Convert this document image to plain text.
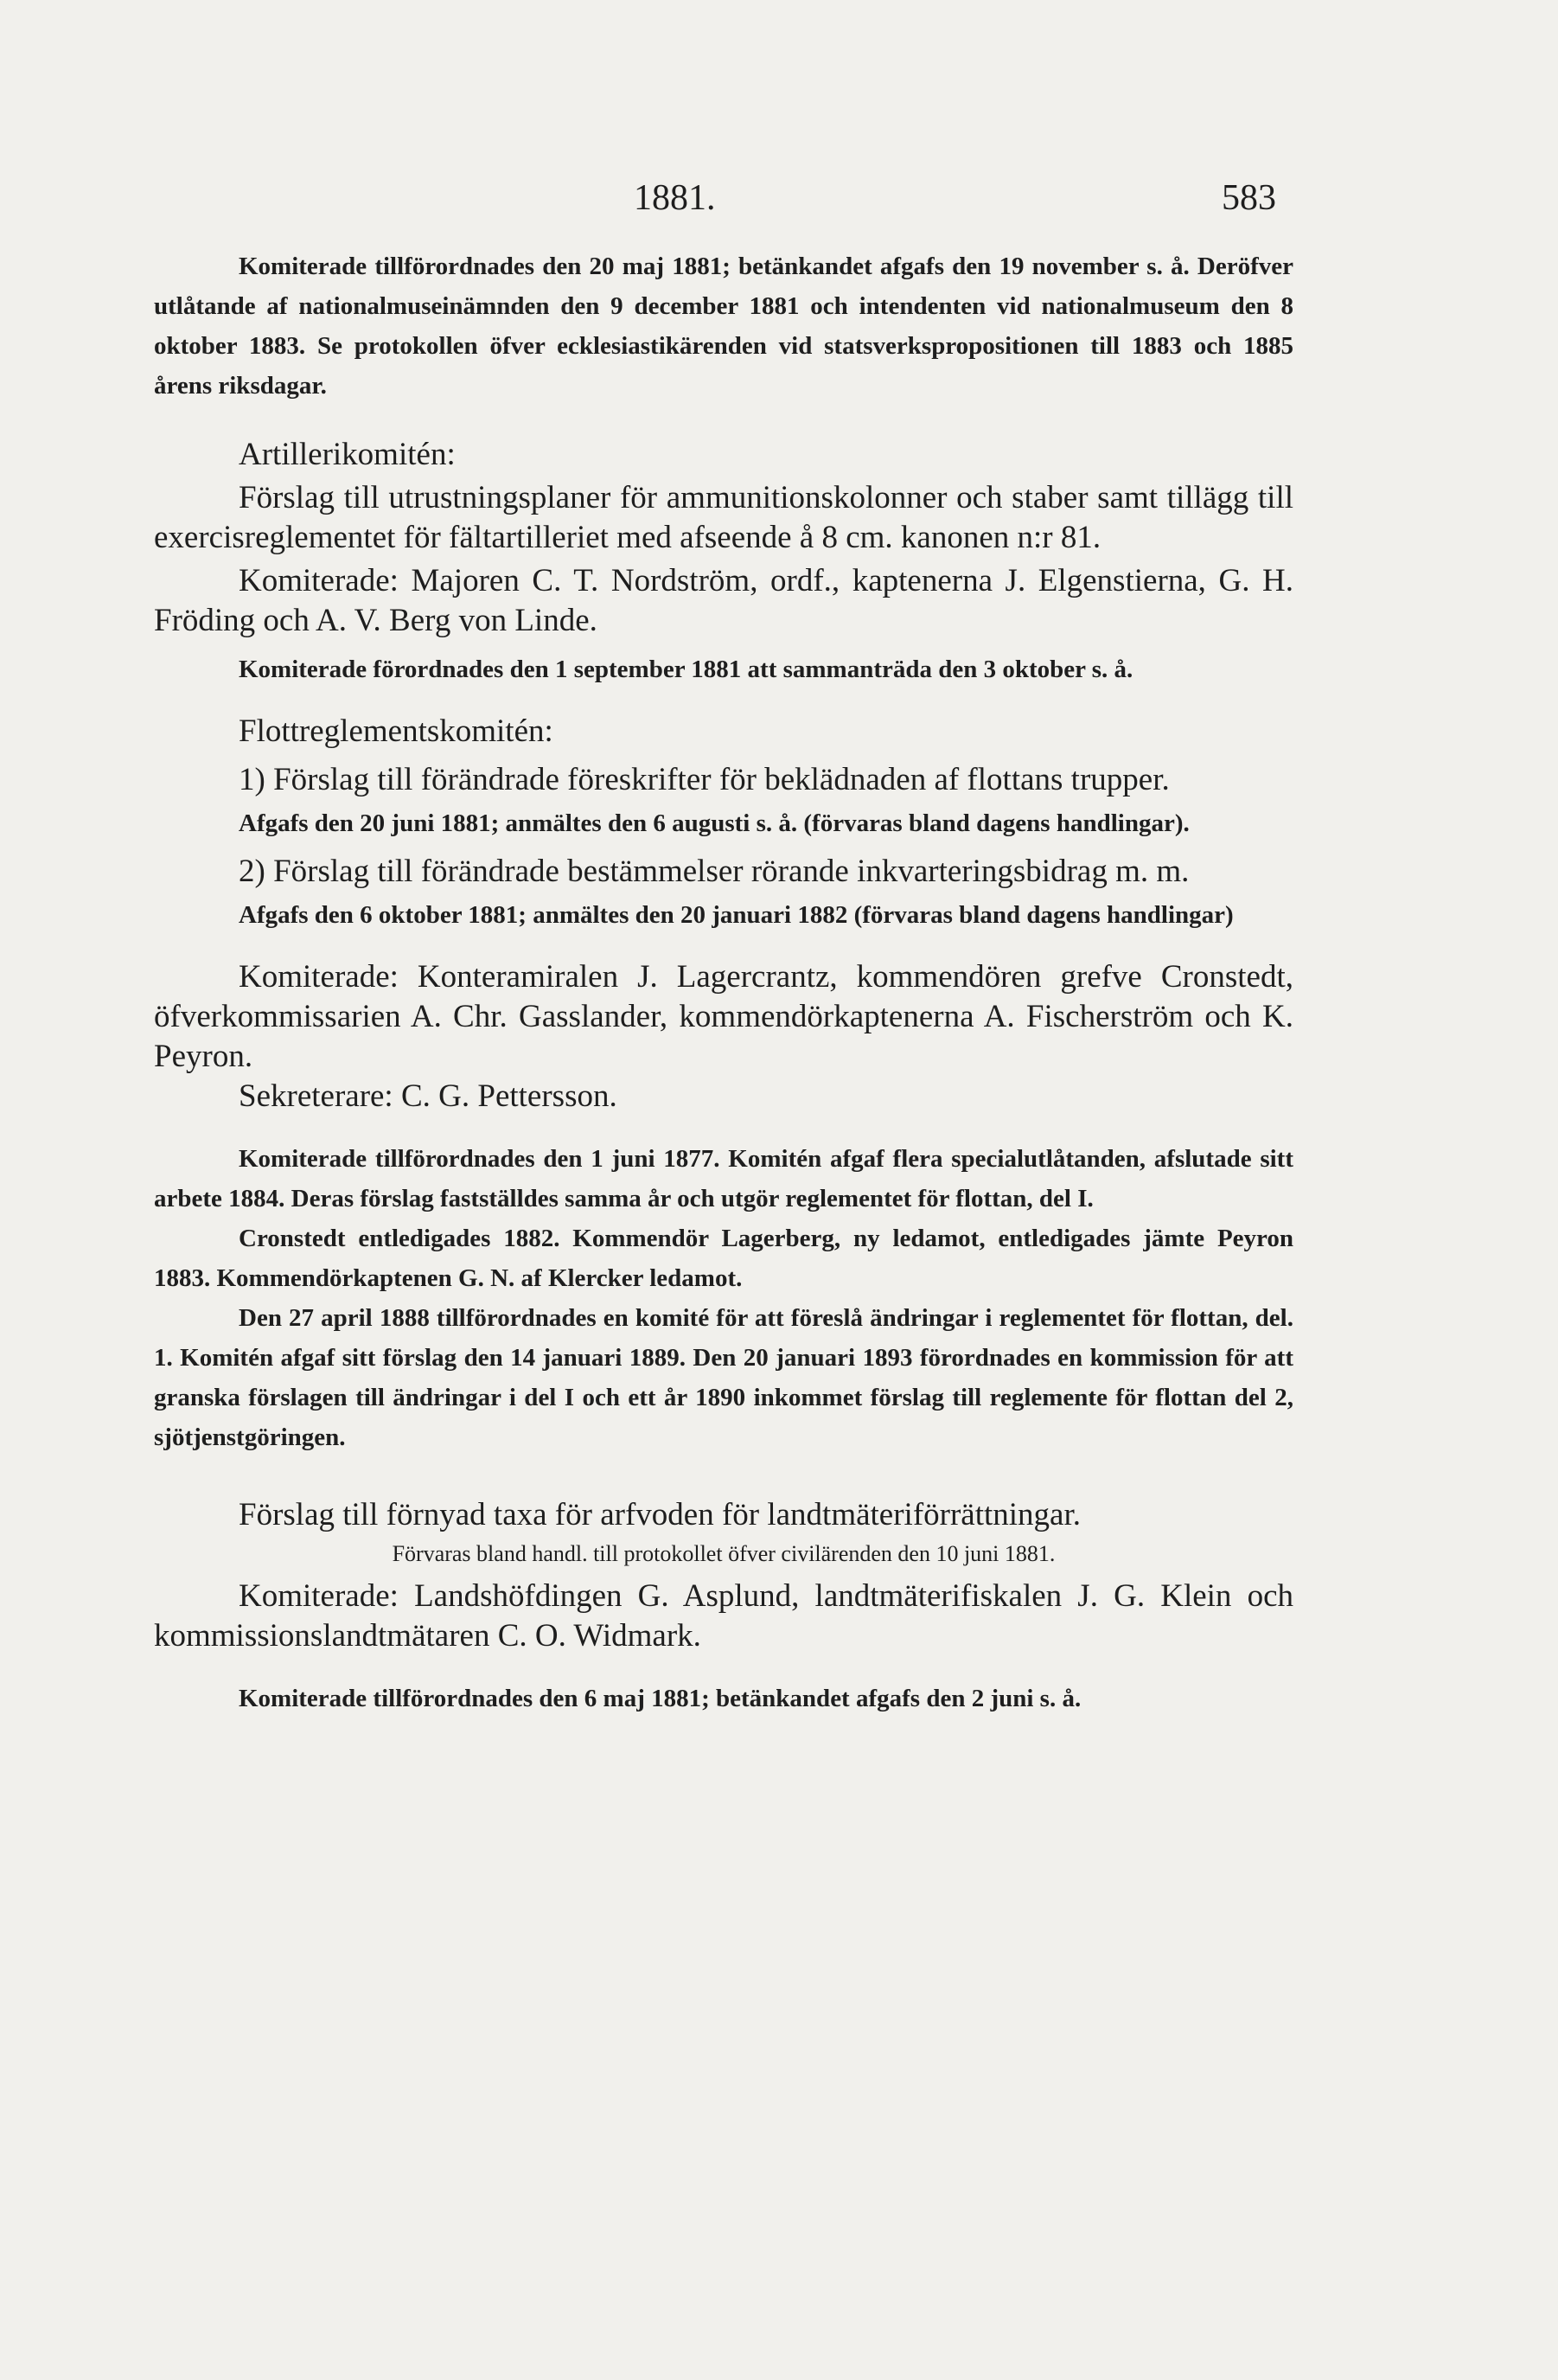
1881.	583

Komiterade tillförordnades den 20 maj 1881; betänkandet afgafs den 19 november s. å. Deröfver utlåtande af nationalmuseinämnden den 9 december 1881 och intendenten vid nationalmuseum den 8 oktober 1883. Se protokollen öfver ecklesiastikärenden vid statsverkspropositionen till 1883 och 1885 årens riksdagar.

Artillerikomitén:

Förslag till utrustningsplaner för ammunitionskolonner och staber samt tillägg till exercisreglementet för fältartilleriet med afseende å 8 cm. kanonen n:r 81.

Komiterade: Majoren C. T. Nordström, ordf., kaptenerna J. Elgenstierna, G. H. Fröding och A. V. Berg von Linde.

Komiterade förordnades den 1 september 1881 att sammanträda den 3 oktober s. å.

Flottreglementskomitén:

1) Förslag till förändrade föreskrifter för beklädnaden af flottans trupper.

Afgafs den 20 juni 1881; anmältes den 6 augusti s. å. (förvaras bland dagens handlingar).

2) Förslag till förändrade bestämmelser rörande inkvarteringsbidrag m. m.

Afgafs den 6 oktober 1881; anmältes den 20 januari 1882 (förvaras bland dagens handlingar)

Komiterade: Konteramiralen J. Lagercrantz, kommendören grefve Cronstedt, öfverkommissarien A. Chr. Gasslander, kommendörkaptenerna A. Fischerström och K. Peyron.

Sekreterare: C. G. Pettersson.

Komiterade tillförordnades den 1 juni 1877. Komitén afgaf flera specialutlåtanden, afslutade sitt arbete 1884. Deras förslag fastställdes samma år och utgör reglementet för flottan, del I.

Cronstedt entledigades 1882. Kommendör Lagerberg, ny ledamot, entledigades jämte Peyron 1883. Kommendörkaptenen G. N. af Klercker ledamot.

Den 27 april 1888 tillförordnades en komité för att föreslå ändringar i reglementet för flottan, del. 1. Komitén afgaf sitt förslag den 14 januari 1889. Den 20 januari 1893 förordnades en kommission för att granska förslagen till ändringar i del I och ett år 1890 inkommet förslag till reglemente för flottan del 2, sjötjenstgöringen.

Förslag till förnyad taxa för arfvoden för landtmäteriförrättningar.

Förvaras bland handl. till protokollet öfver civilärenden den 10 juni 1881.

Komiterade: Landshöfdingen G. Asplund, landtmäterifiskalen J. G. Klein och kommissionslandtmätaren C. O. Widmark.

Komiterade tillförordnades den 6 maj 1881; betänkandet afgafs den 2 juni s. å.
